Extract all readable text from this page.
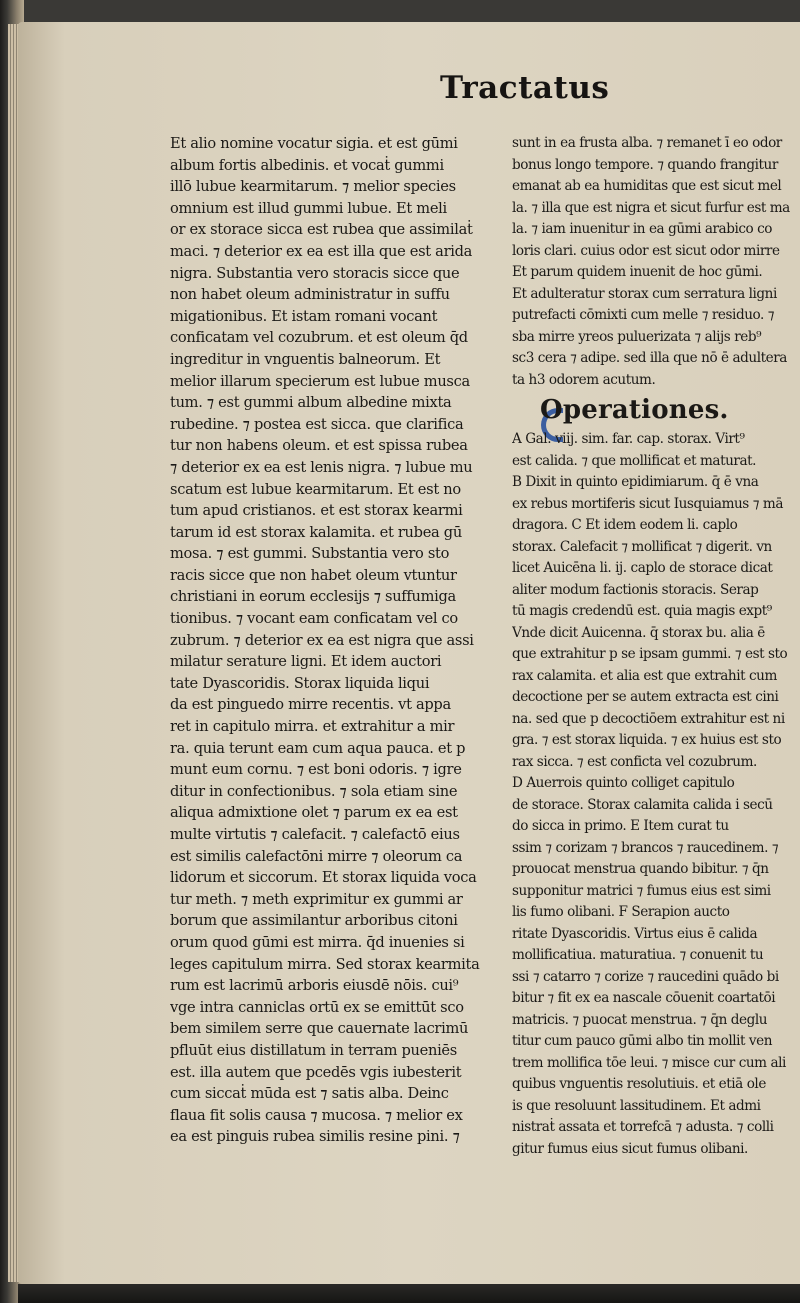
Tractatus
Et alio nomine vocatur sigia. et est gūmi
album fortis albedinis. et vocaṫ gummi
illō lubue kearmitarum. ⁊ melior species
omnium est illud gummi lubue. Et meli
or ex storace sicca est rubea que assimilaṫ
maci. ⁊ deterior ex ea est illa que est arida
nigra. Substantia vero storacis sicce que
non habet oleum administratur in suffu
migationibus. Et istam romani vocant
conficatam vel cozubrum. et est oleum q̄d
ingreditur in vnguentis balneorum. Et
melior illarum specierum est lubue musca
tum. ⁊ est gummi album albedine mixta
rubedine. ⁊ postea est sicca. que clarifica
tur non habens oleum. et est spissa rubea
⁊ deterior ex ea est lenis nigra. ⁊ lubue mu
scatum est lubue kearmitarum. Et est no
tum apud cristianos. et est storax kearmi
tarum id est storax kalamita. et rubea gū
mosa. ⁊ est gummi. Substantia vero sto
racis sicce que non habet oleum vtuntur
christiani in eorum ecclesijs ⁊ suffumiga
tionibus. ⁊ vocant eam conficatam vel co
zubrum. ⁊ deterior ex ea est nigra que assi
milatur serature ligni. Et idem auctori
tate Dyascoridis. Storax liquida liqui
da est pinguedo mirre recentis. vt appa
ret in capitulo mirra. et extrahitur a mir
ra. quia terunt eam cum aqua pauca. et p
munt eum cornu. ⁊ est boni odoris. ⁊ igre
ditur in confectionibus. ⁊ sola etiam sine
aliqua admixtione olet ⁊ parum ex ea est
multe virtutis ⁊ calefacit. ⁊ calefactō eius
est similis calefactōni mirre ⁊ oleorum ca
lidorum et siccorum. Et storax liquida voca
tur meth. ⁊ meth exprimitur ex gummi ar
borum que assimilantur arboribus citoni
orum quod gūmi est mirra. q̄d inuenies si
leges capitulum mirra. Sed storax kearmita
rum est lacrimū arboris eiusdē nōis. cui⁹
vge intra canniclas ortū ex se emittūt sco
bem similem serre que cauernate lacrimū
pfluūt eius distillatum in terram pueniēs
est. illa autem que pcedēs vgis iubesterit
cum siccaṫ mūda est ⁊ satis alba. Deinc
flaua fit solis causa ⁊ mucosa. ⁊ melior ex
ea est pinguis rubea similis resine pini. ⁊
sunt in ea frusta alba. ⁊ remanet ī eo odor
bonus longo tempore. ⁊ quando frangitur
emanat ab ea humiditas que est sicut mel
la. ⁊ illa que est nigra et sicut furfur est ma
la. ⁊ iam inuenitur in ea gūmi arabico co
loris clari. cuius odor est sicut odor mirre
Et parum quidem inuenit de hoc gūmi.
Et adulteratur storax cum serratura ligni
putrefacti cōmixti cum melle ⁊ residuo. ⁊
sba mirre yreos puluerizata ⁊ alijs reb⁹
sc3 cera ⁊ adipe. sed illa que nō ē adultera
ta h3 odorem acutum.
Operationes.
A Gal. viij. sim. far. cap. storax. Virt⁹
est calida. ⁊ que mollificat et maturat.
B Dixit in quinto epidimiarum. q̄ ē vna
ex rebus mortiferis sicut Iusquiamus ⁊ mā
dragora. C Et idem eodem li. caplo
storax. Calefacit ⁊ mollificat ⁊ digerit. vn
licet Auicēna li. ij. caplo de storace dicat
aliter modum factionis storacis. Serap
tū magis credendū est. quia magis expt⁹
Vnde dicit Auicenna. q̄ storax bu. alia ē
que extrahitur p se ipsam gummi. ⁊ est sto
rax calamita. et alia est que extrahit cum
decoctione per se autem extracta est cini
na. sed que p decoctiōem extrahitur est ni
gra. ⁊ est storax liquida. ⁊ ex huius est sto
rax sicca. ⁊ est conficta vel cozubrum.
D Auerrois quinto colliget capitulo
de storace. Storax calamita calida i secū
do sicca in primo. E Item curat tu
ssim ⁊ corizam ⁊ brancos ⁊ raucedinem. ⁊
prouocat menstrua quando bibitur. ⁊ q̄n
supponitur matrici ⁊ fumus eius est simi
lis fumo olibani. F Serapion aucto
ritate Dyascoridis. Virtus eius ē calida
mollificatiua. maturatiua. ⁊ conuenit tu
ssi ⁊ catarro ⁊ corize ⁊ raucedini quādo bi
bitur ⁊ fit ex ea nascale cōuenit coartatōi
matricis. ⁊ puocat menstrua. ⁊ q̄n deglu
titur cum pauco gūmi albo tin mollit ven
trem mollifica tōe leui. ⁊ misce cur cum ali
quibus vnguentis resolutiuis. et etiā ole
is que resoluunt lassitudinem. Et admi
nistraṫ assata et torrefcā ⁊ adusta. ⁊ colli
gitur fumus eius sicut fumus olibani.
